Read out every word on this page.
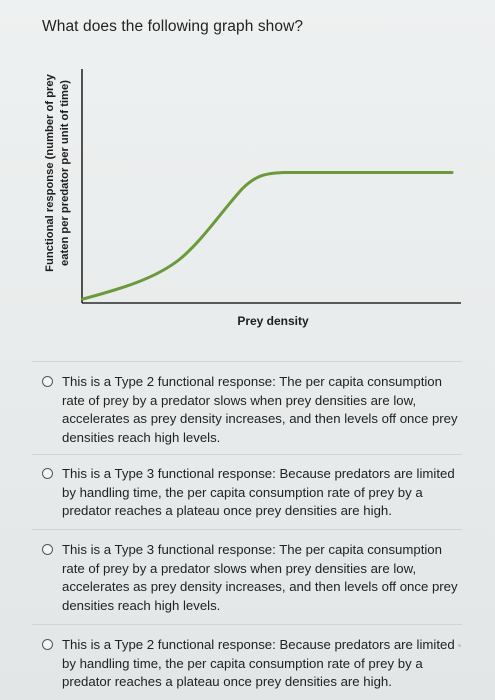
What does the following graph show?
Functional response (number of prey eaten per predator per unit of time)
Prey density
This is a Type 2 functional response: The per capita consumption rate of prey by a predator slows when prey densities are low, accelerates as prey density increases, and then levels off once prey densities reach high levels.
This is a Type 3 functional response: Because predators are limited by handling time, the per capita consumption rate of prey by a predator reaches a plateau once prey densities are high.
This is a Type 3 functional response: The per capita consumption rate of prey by a predator slows when prey densities are low, accelerates as prey density increases, and then levels off once prey densities reach high levels.
This is a Type 2 functional response: Because predators are limited by handling time, the per capita consumption rate of prey by a predator reaches a plateau once prey densities are high.
